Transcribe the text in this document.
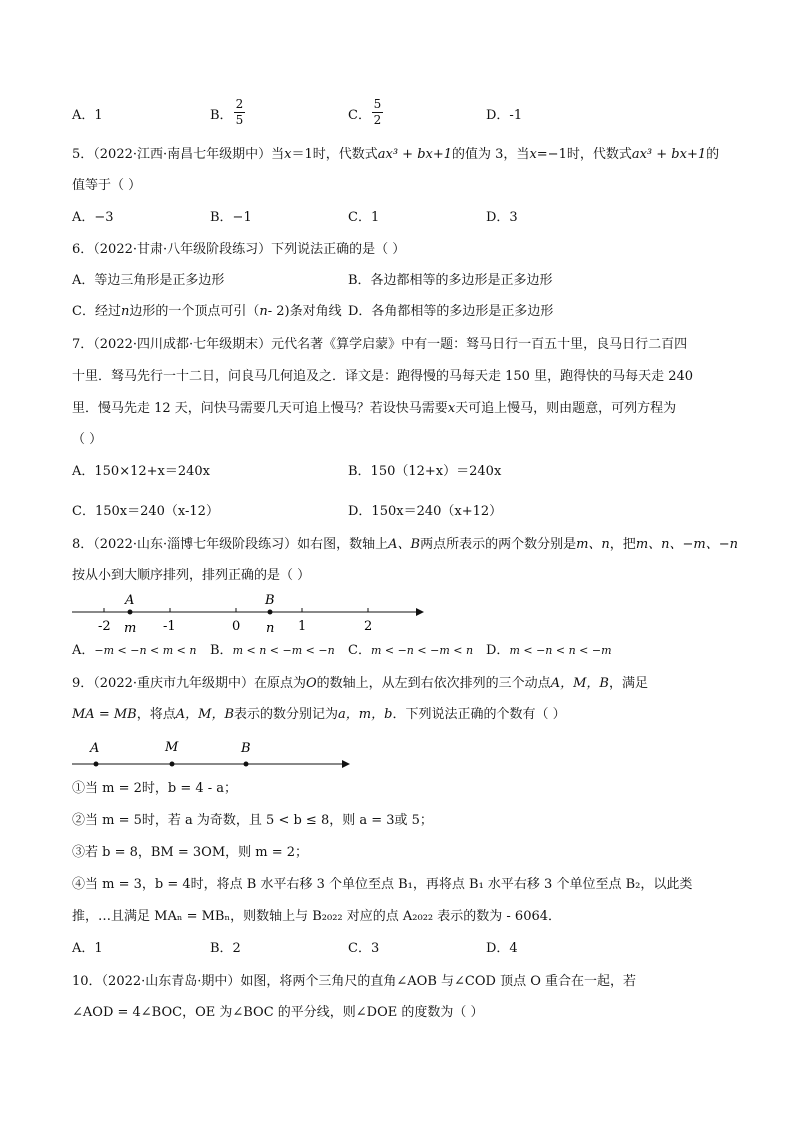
A．1	B．
2
5	C．
5
2	D．-1
5．（2022·江西·南昌七年级期中）当x＝1时，代数式ax³ + bx+1的值为 3，当x=−1时，代数式ax³ + bx+1的
值等于（ ）
A．−3	B．−1	C．1	D．3
6．（2022·甘肃·八年级阶段练习）下列说法正确的是（ ）
A．等边三角形是正多边形	B．各边都相等的多边形是正多边形
C．经过n边形的一个顶点可引（n- 2)条对角线 D．各角都相等的多边形是正多边形
7．（2022·四川成都·七年级期末）元代名著《算学启蒙》中有一题：驽马日行一百五十里，良马日行二百四
十里．驽马先行一十二日，问良马几何追及之．译文是：跑得慢的马每天走 150 里，跑得快的马每天走 240
里．慢马先走 12 天，问快马需要几天可追上慢马？若设快马需要x天可追上慢马，则由题意，可列方程为
（ ）
A．150×12+x＝240x	B．150（12+x）＝240x
C．150x＝240（x-12）	D．150x＝240（x+12）
8．（2022·山东·淄博七年级阶段练习）如右图，数轴上A、B两点所表示的两个数分别是m、n，把m、n、−m、−n
按从小到大顺序排列，排列正确的是（ ）
-2	-1	0	1	2
A
m
B
n
A．−m < −n < m < n B．m < n < −m < −n C．m < −n < −m < n D．m < −n < n < −m
9．（2022·重庆市九年级期中）在原点为O的数轴上，从左到右依次排列的三个动点A，M，B，满足
MA = MB，将点A，M，B表示的数分别记为a，m，b．下列说法正确的个数有（ ）
A	M	B
①当 m = 2时，b = 4 - a；
②当 m = 5时，若 a 为奇数，且 5 < b ≤ 8，则 a = 3或 5；
③若 b = 8，BM = 3OM，则 m = 2；
④当 m = 3，b = 4时，将点 B 水平右移 3 个单位至点 B₁，再将点 B₁ 水平右移 3 个单位至点 B₂，以此类
推，…且满足 MAₙ = MBₙ，则数轴上与 B₂₀₂₂ 对应的点 A₂₀₂₂ 表示的数为 - 6064．
A．1	B．2	C．3	D．4
10．（2022·山东青岛·期中）如图，将两个三角尺的直角∠AOB 与∠COD 顶点 O 重合在一起，若
∠AOD = 4∠BOC，OE 为∠BOC 的平分线，则∠DOE 的度数为（ ）
